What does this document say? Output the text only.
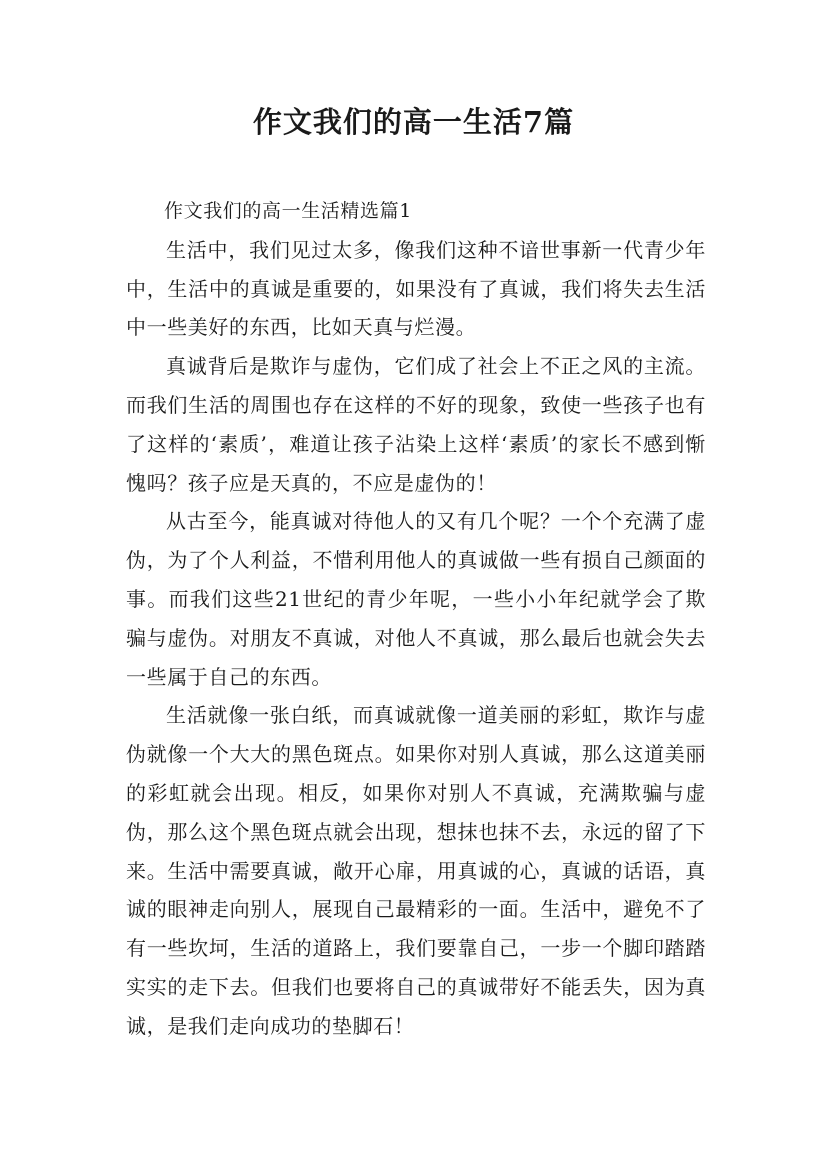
作文我们的高一生活7篇

作文我们的高一生活精选篇1

生活中，我们见过太多，像我们这种不谙世事新一代青少年中，生活中的真诚是重要的，如果没有了真诚，我们将失去生活中一些美好的东西，比如天真与烂漫。

真诚背后是欺诈与虚伪，它们成了社会上不正之风的主流。而我们生活的周围也存在这样的不好的现象，致使一些孩子也有了这样的‘素质’，难道让孩子沾染上这样‘素质’的家长不感到惭愧吗？孩子应是天真的，不应是虚伪的！

从古至今，能真诚对待他人的又有几个呢？一个个充满了虚伪，为了个人利益，不惜利用他人的真诚做一些有损自己颜面的事。而我们这些21世纪的青少年呢，一些小小年纪就学会了欺骗与虚伪。对朋友不真诚，对他人不真诚，那么最后也就会失去一些属于自己的东西。

生活就像一张白纸，而真诚就像一道美丽的彩虹，欺诈与虚伪就像一个大大的黑色斑点。如果你对别人真诚，那么这道美丽的彩虹就会出现。相反，如果你对别人不真诚，充满欺骗与虚伪，那么这个黑色斑点就会出现，想抹也抹不去，永远的留了下来。生活中需要真诚，敞开心扉，用真诚的心，真诚的话语，真诚的眼神走向别人，展现自己最精彩的一面。生活中，避免不了有一些坎坷，生活的道路上，我们要靠自己，一步一个脚印踏踏实实的走下去。但我们也要将自己的真诚带好不能丢失，因为真诚，是我们走向成功的垫脚石！
